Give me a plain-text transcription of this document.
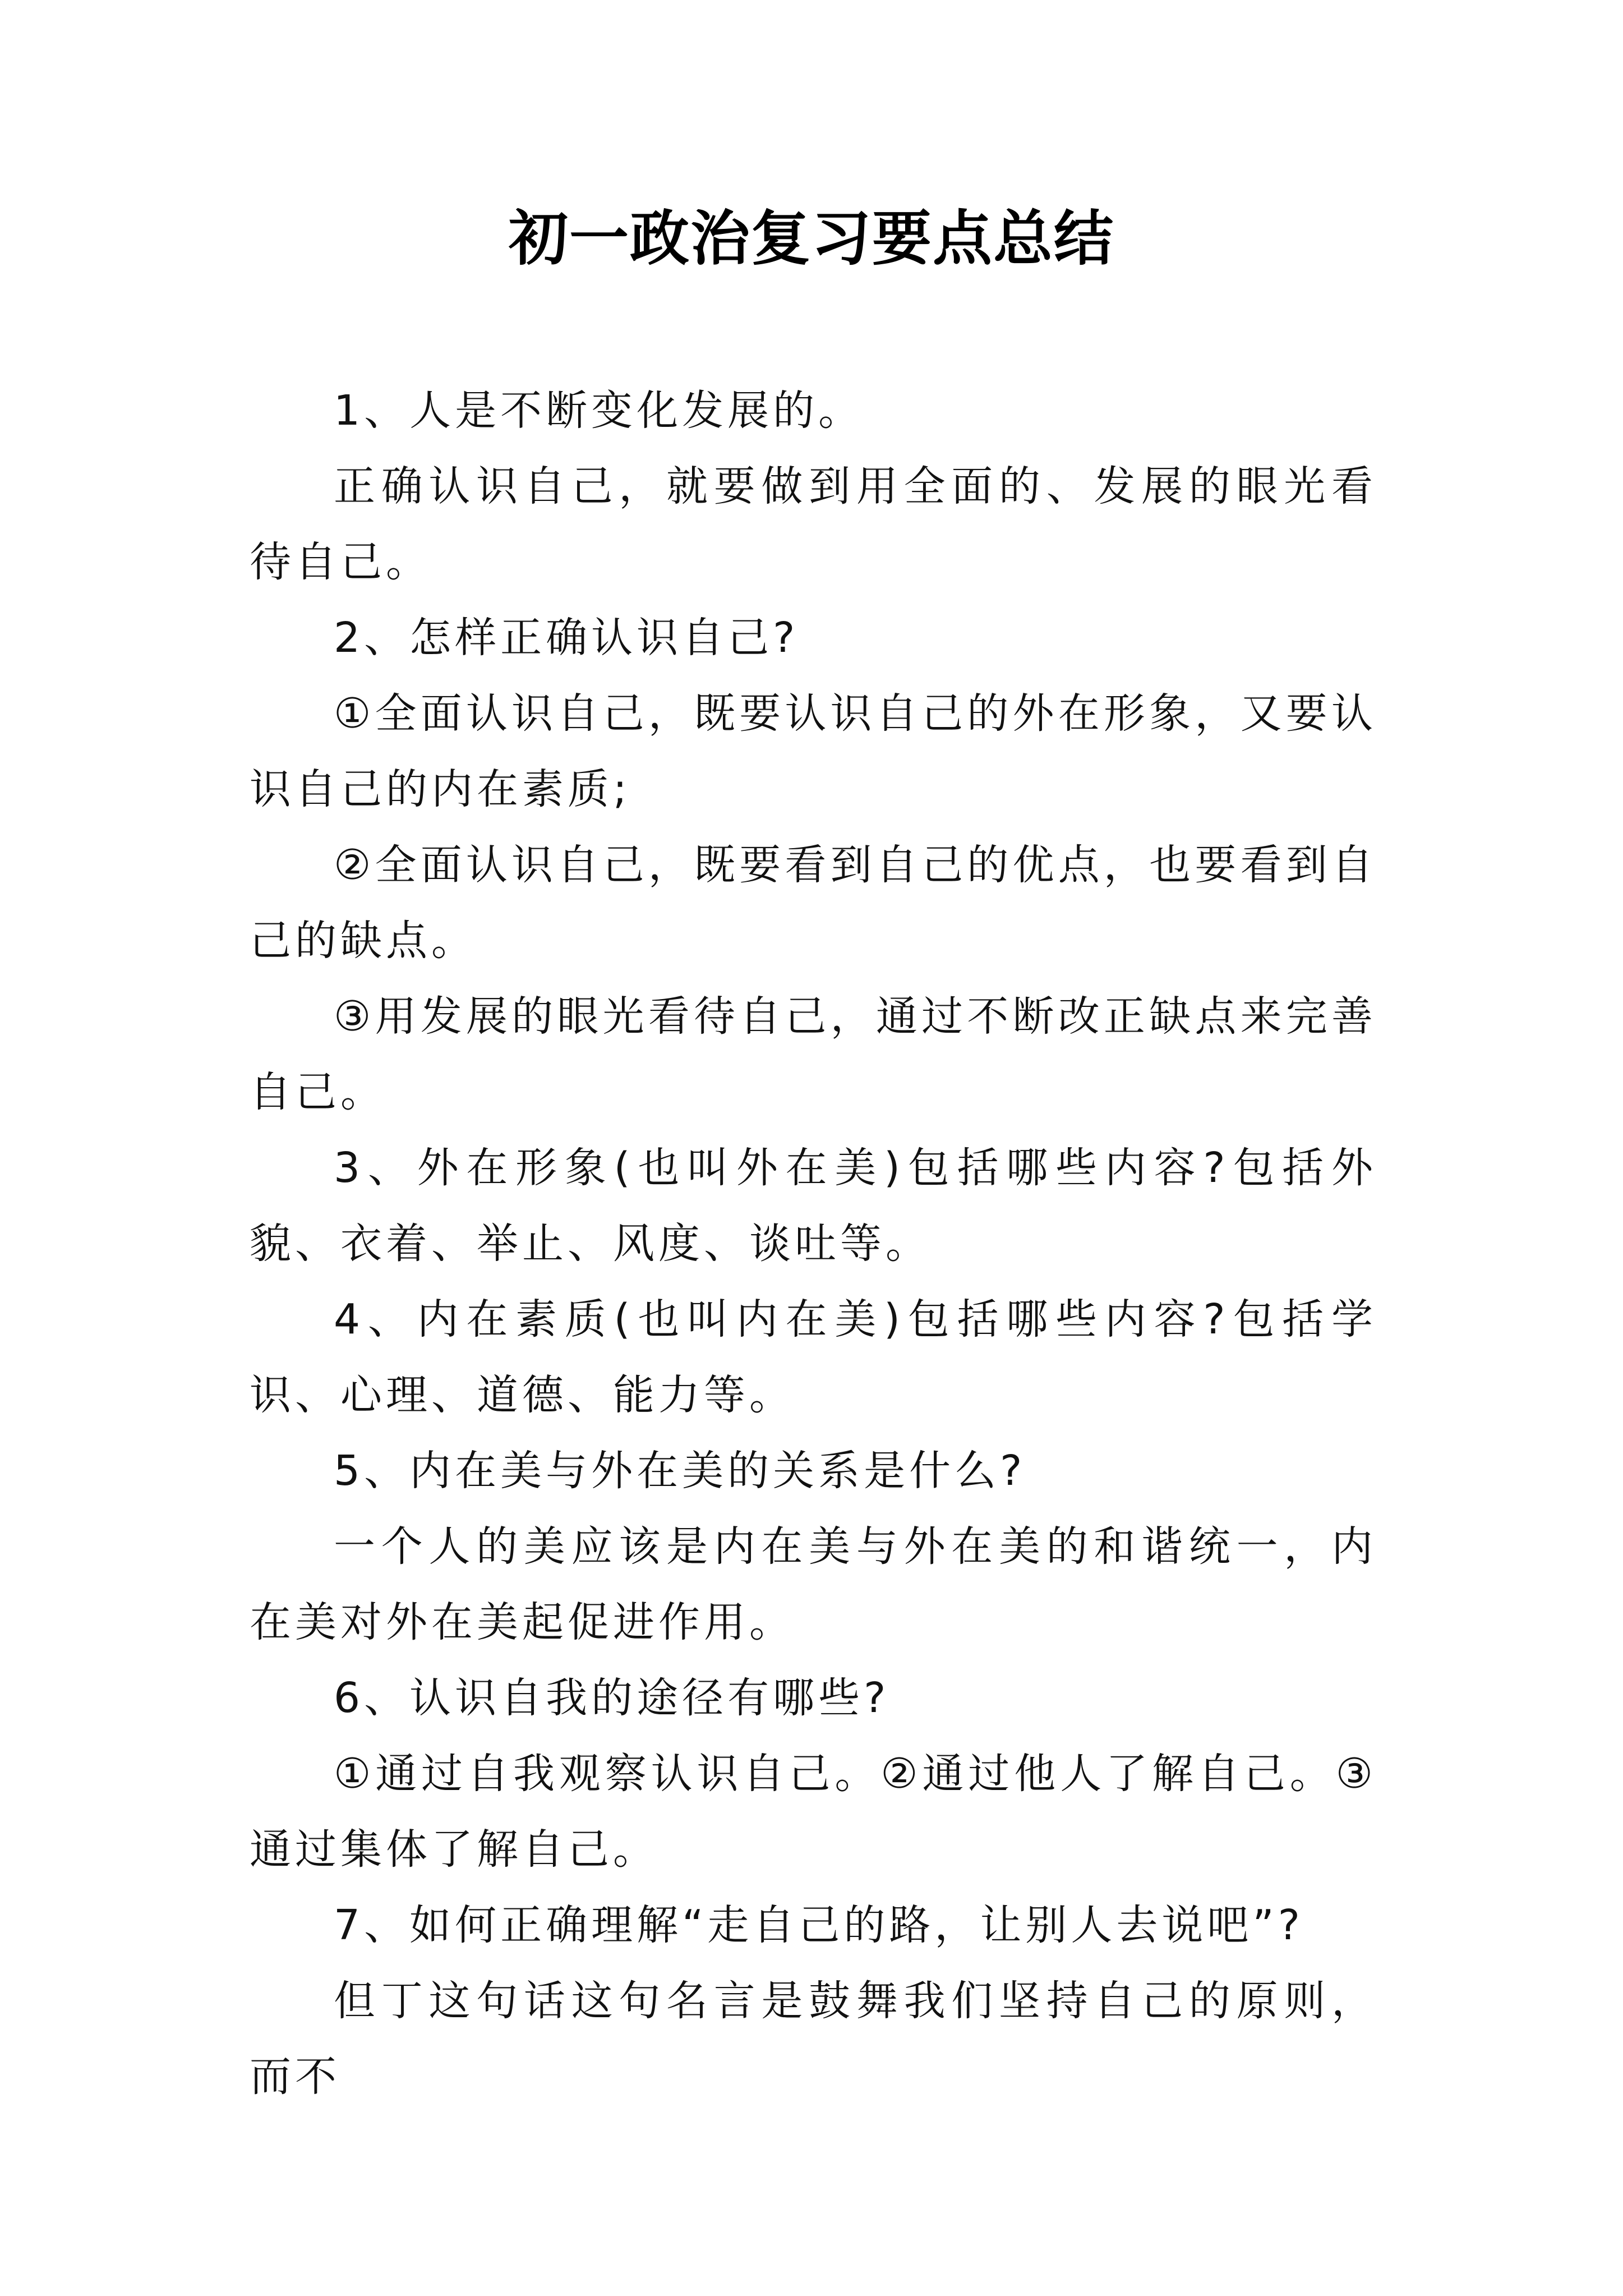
初一政治复习要点总结

1、人是不断变化发展的。

正确认识自己，就要做到用全面的、发展的眼光看待自己。

2、怎样正确认识自己?

①全面认识自己，既要认识自己的外在形象，又要认识自己的内在素质;

②全面认识自己，既要看到自己的优点，也要看到自己的缺点。

③用发展的眼光看待自己，通过不断改正缺点来完善自己。

3、外在形象(也叫外在美)包括哪些内容?包括外貌、衣着、举止、风度、谈吐等。

4、内在素质(也叫内在美)包括哪些内容?包括学识、心理、道德、能力等。

5、内在美与外在美的关系是什么?

一个人的美应该是内在美与外在美的和谐统一，内在美对外在美起促进作用。

6、认识自我的途径有哪些?

①通过自我观察认识自己。②通过他人了解自己。③通过集体了解自己。

7、如何正确理解“走自己的路，让别人去说吧”?

但丁这句话这句名言是鼓舞我们坚持自己的原则，而不
